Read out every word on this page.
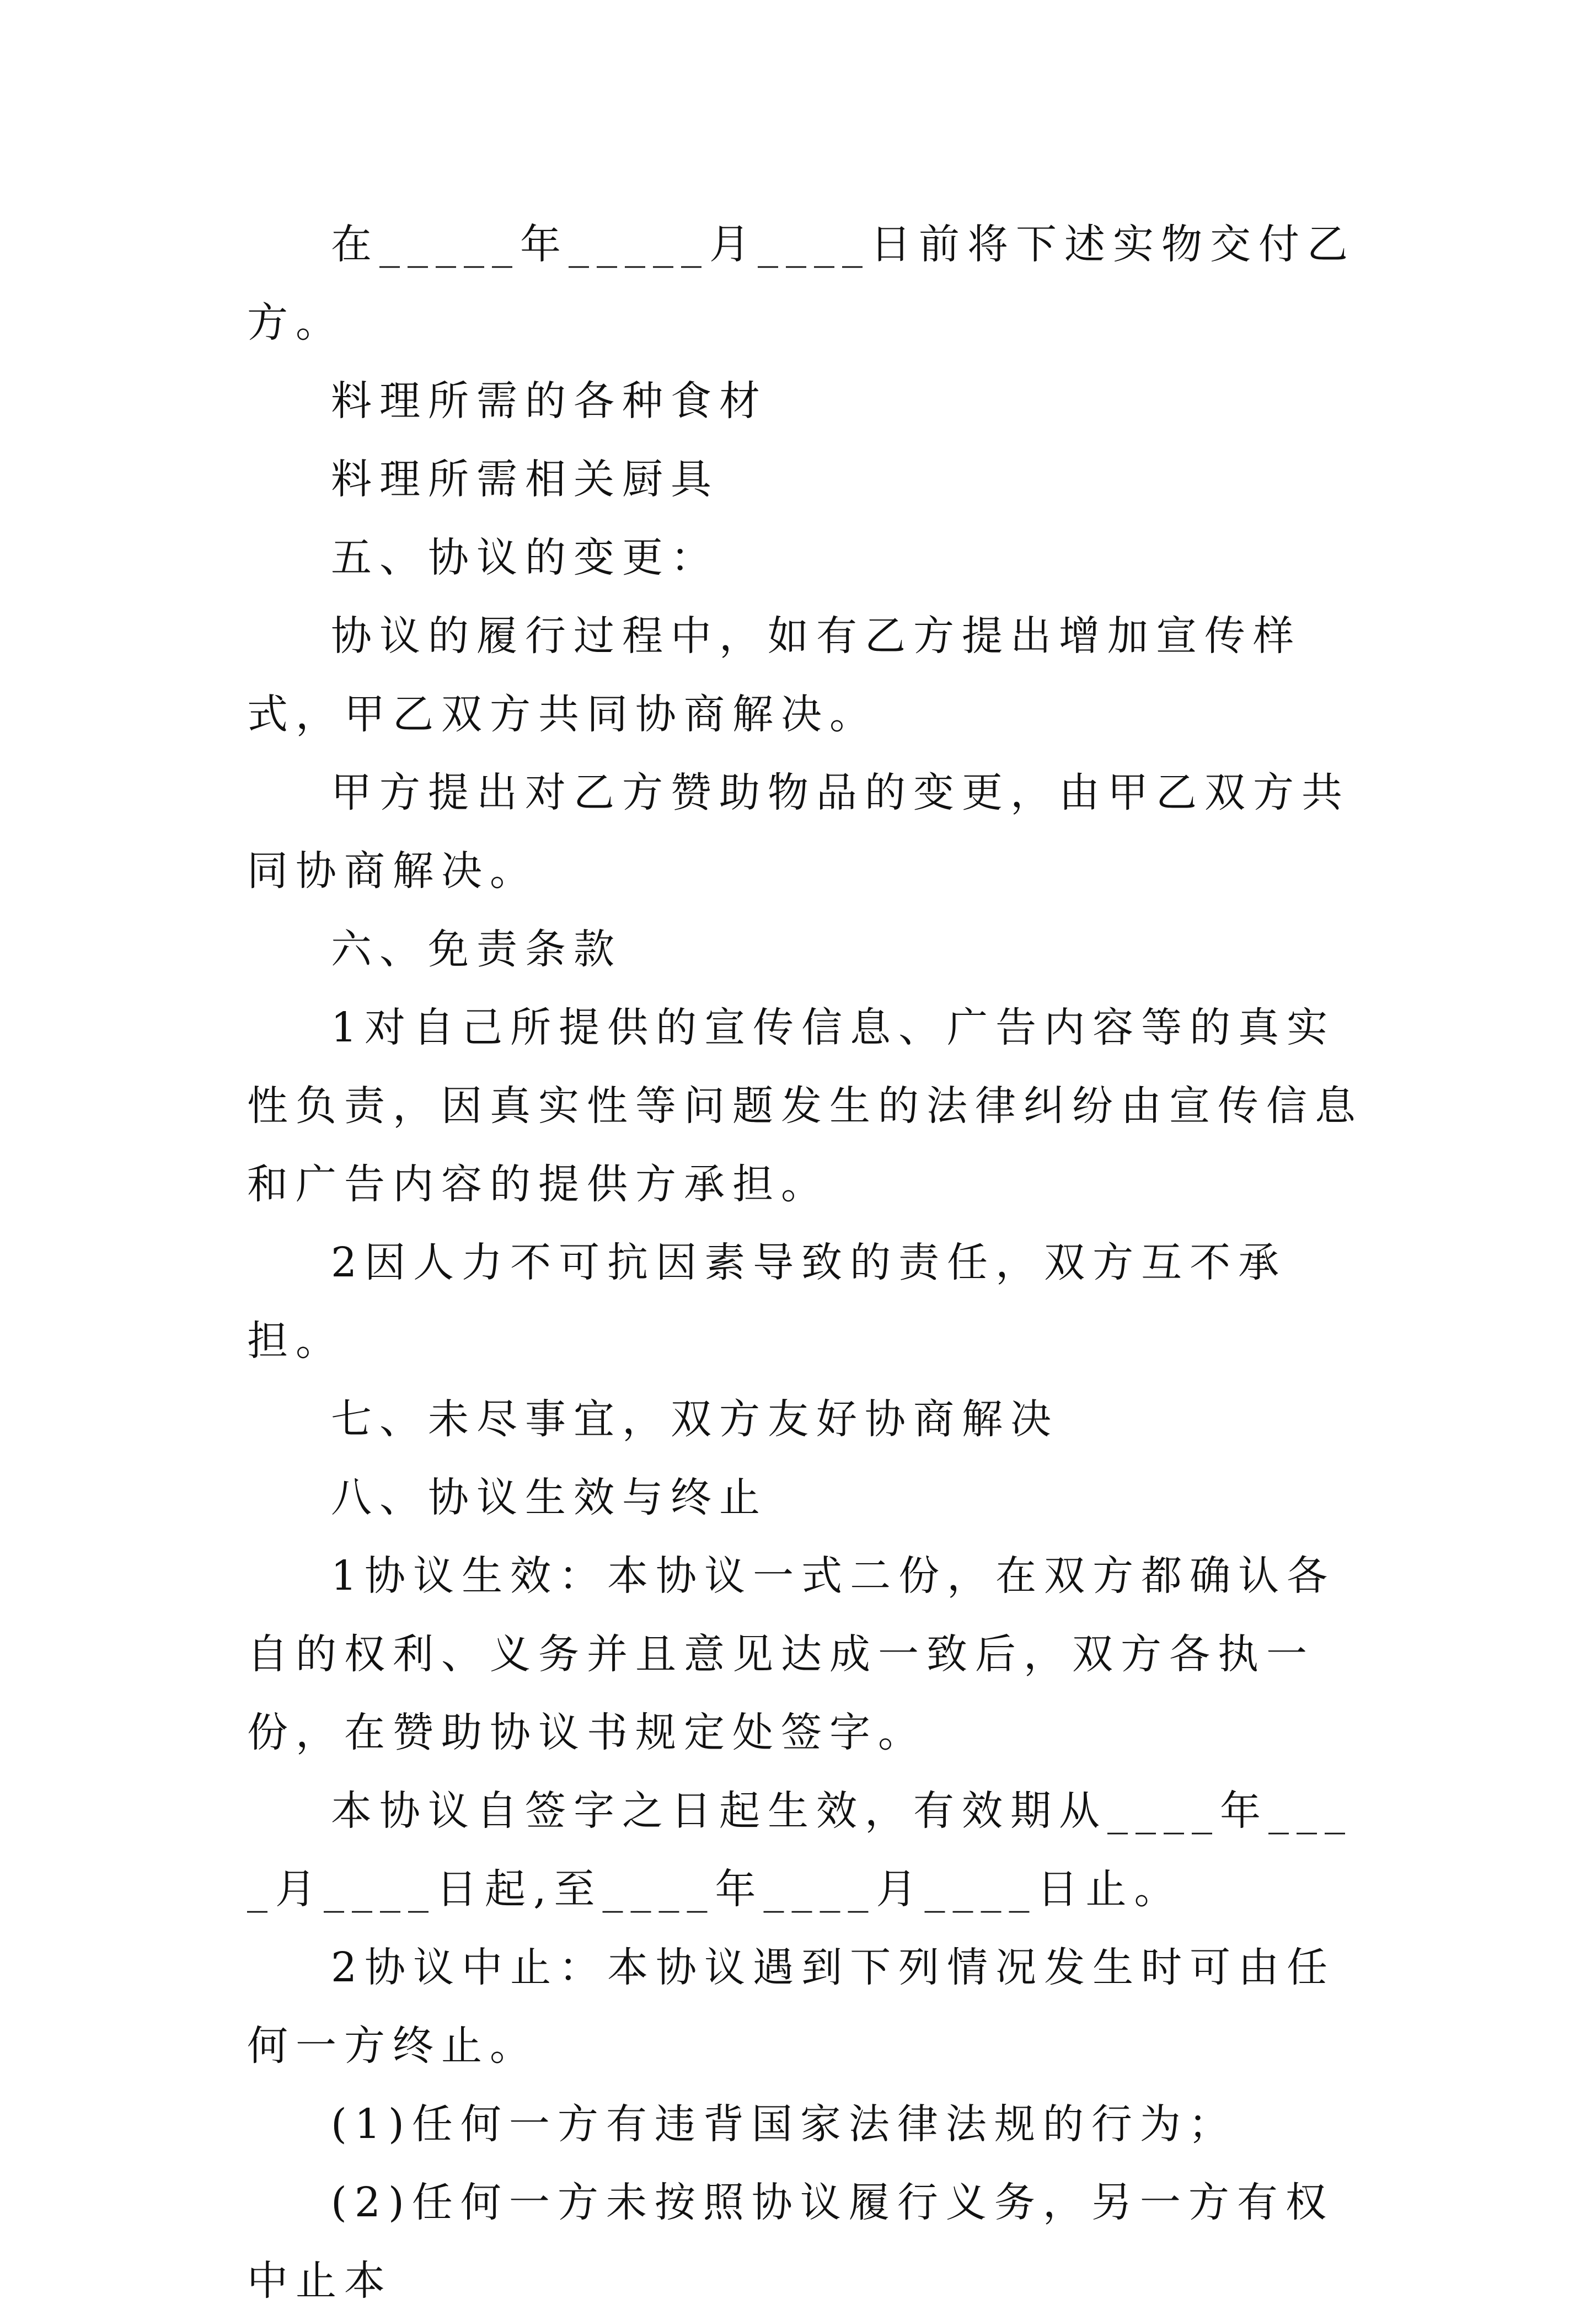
在_____年_____月____日前将下述实物交付乙方。

料理所需的各种食材

料理所需相关厨具

五、协议的变更：

协议的履行过程中，如有乙方提出增加宣传样式，甲乙双方共同协商解决。

甲方提出对乙方赞助物品的变更，由甲乙双方共同协商解决。

六、免责条款

1对自己所提供的宣传信息、广告内容等的真实性负责，因真实性等问题发生的法律纠纷由宣传信息和广告内容的提供方承担。

2因人力不可抗因素导致的责任，双方互不承担。

七、未尽事宜，双方友好协商解决

八、协议生效与终止

1协议生效：本协议一式二份，在双方都确认各自的权利、义务并且意见达成一致后，双方各执一份，在赞助协议书规定处签字。

本协议自签字之日起生效，有效期从____年____月____日起,至____年____月____日止。

2协议中止：本协议遇到下列情况发生时可由任何一方终止。

(1)任何一方有违背国家法律法规的行为；

(2)任何一方未按照协议履行义务，另一方有权中止本
